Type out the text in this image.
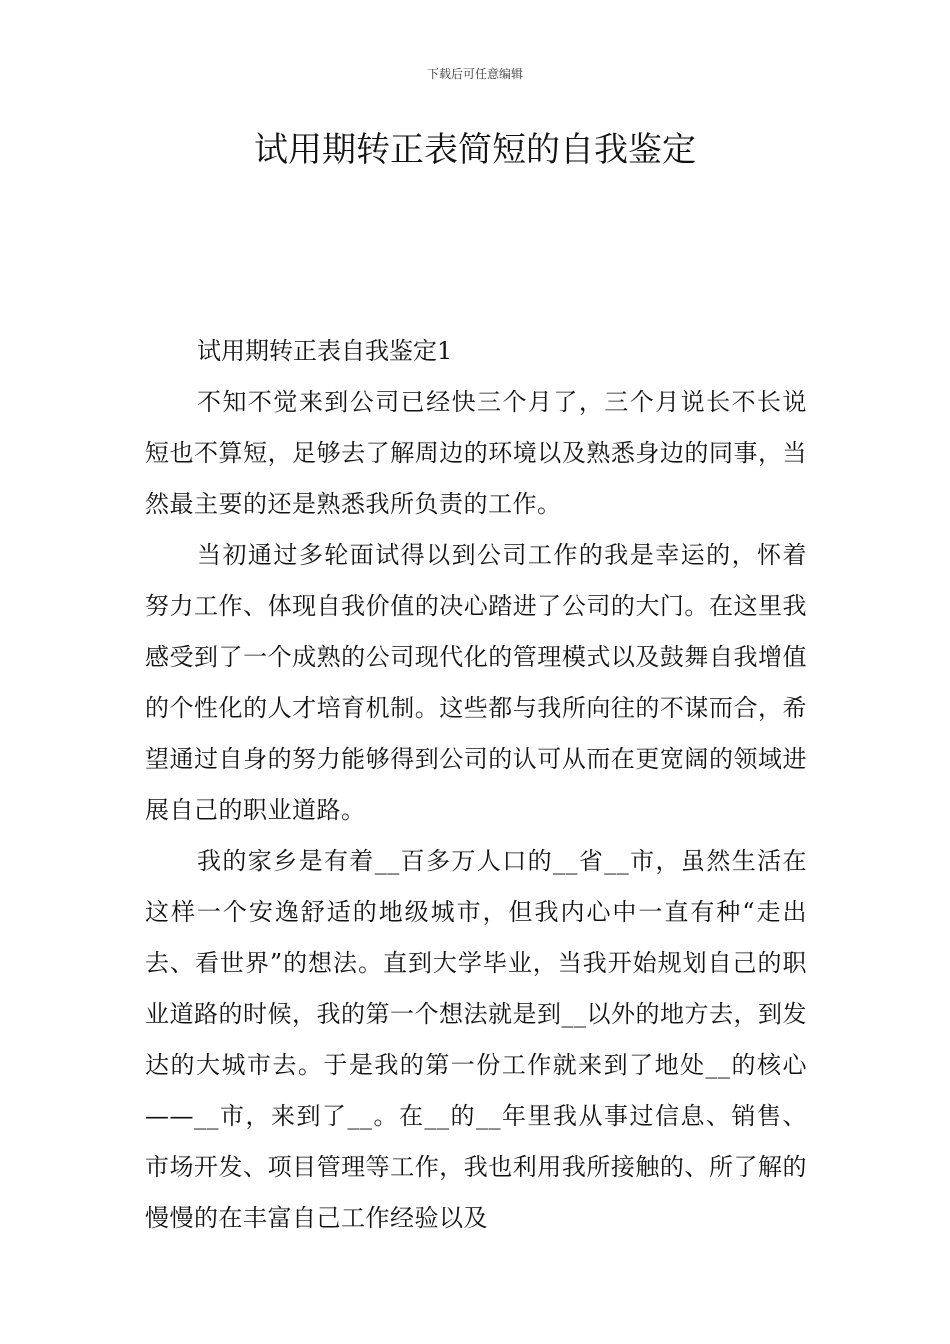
下载后可任意编辑
试用期转正表简短的自我鉴定

试用期转正表自我鉴定1

不知不觉来到公司已经快三个月了，三个月说长不长说短也不算短，足够去了解周边的环境以及熟悉身边的同事，当然最主要的还是熟悉我所负责的工作。

当初通过多轮面试得以到公司工作的我是幸运的，怀着努力工作、体现自我价值的决心踏进了公司的大门。在这里我感受到了一个成熟的公司现代化的管理模式以及鼓舞自我增值的个性化的人才培育机制。这些都与我所向往的不谋而合，希望通过自身的努力能够得到公司的认可从而在更宽阔的领域进展自己的职业道路。

我的家乡是有着__百多万人口的__省__市，虽然生活在这样一个安逸舒适的地级城市，但我内心中一直有种“走出去、看世界”的想法。直到大学毕业，当我开始规划自己的职业道路的时候，我的第一个想法就是到__以外的地方去，到发达的大城市去。于是我的第一份工作就来到了地处__的核心——__市，来到了__。在__的__年里我从事过信息、销售、市场开发、项目管理等工作，我也利用我所接触的、所了解的慢慢的在丰富自己工作经验以及
